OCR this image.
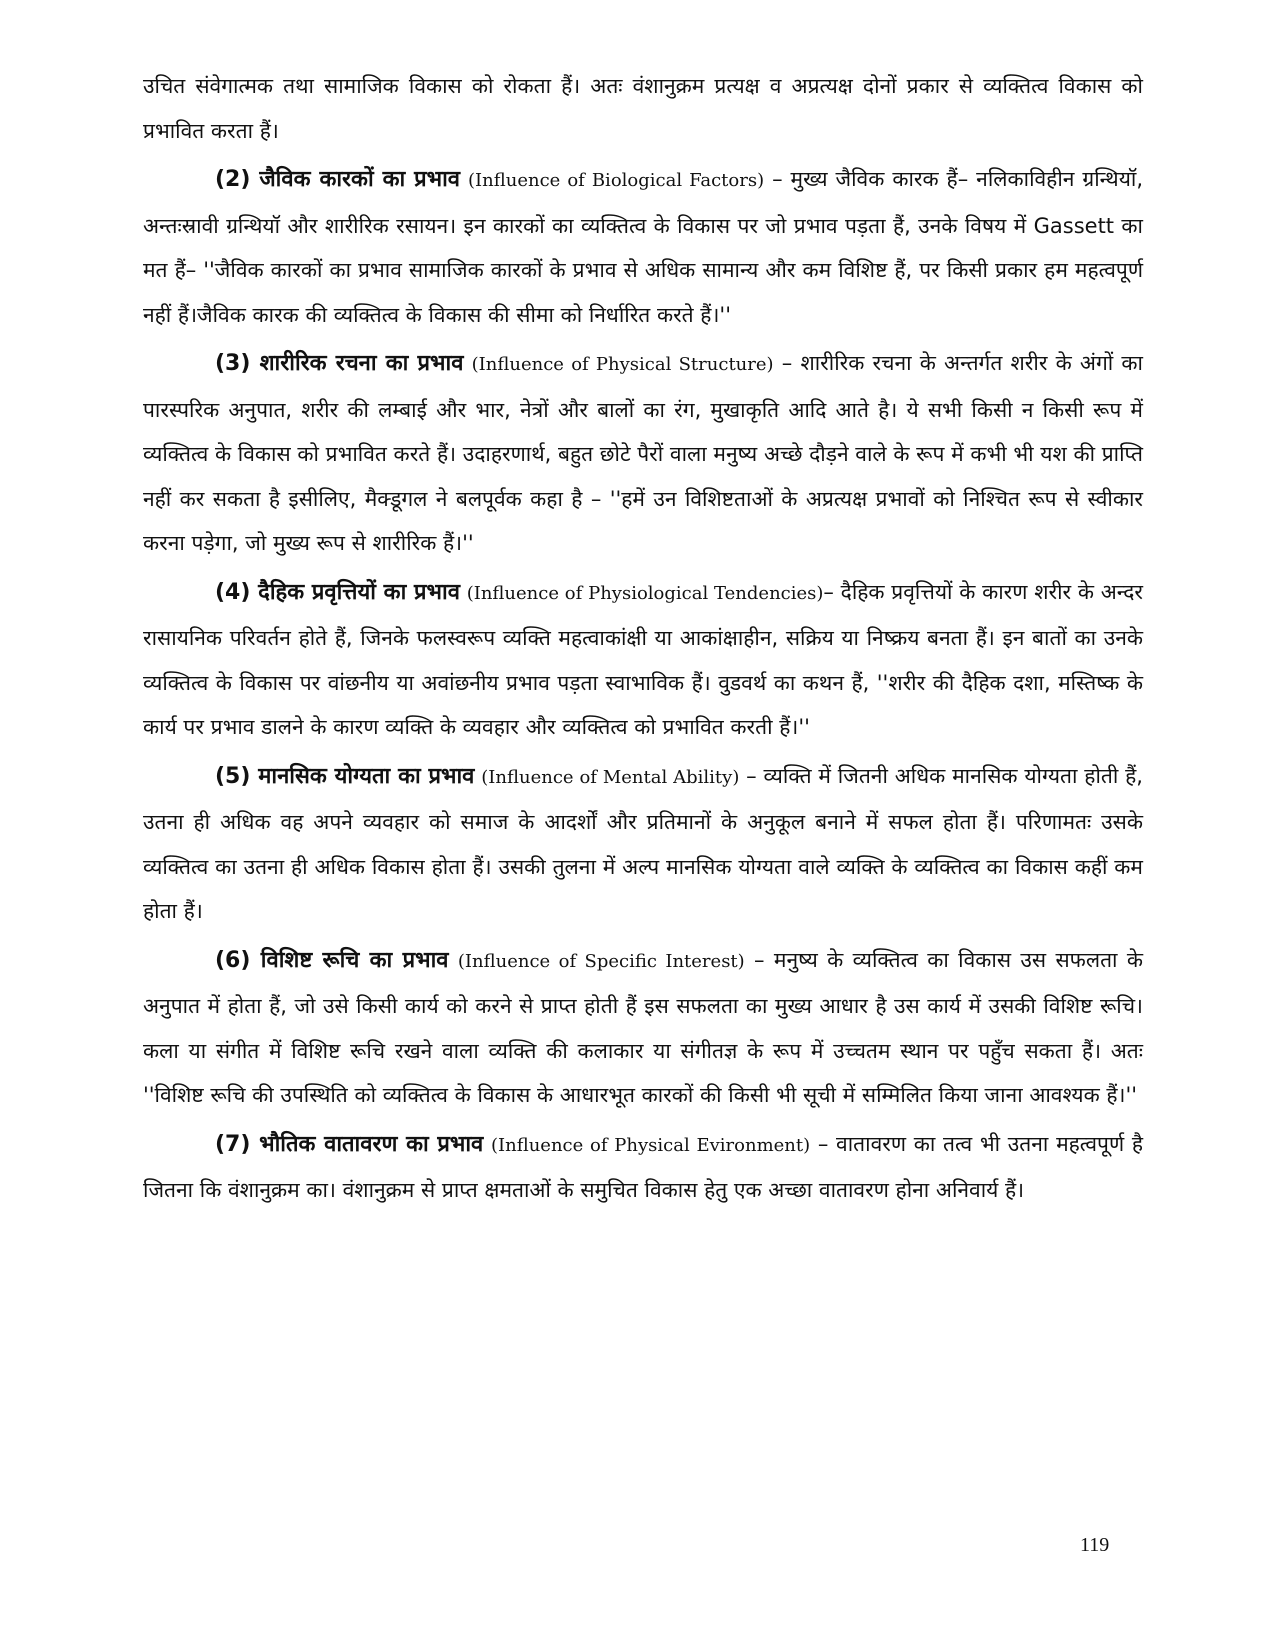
उचित संवेगात्मक तथा सामाजिक विकास को रोकता हैं। अतः वंशानुक्रम प्रत्यक्ष व अप्रत्यक्ष दोनों प्रकार से व्यक्तित्व विकास को प्रभावित करता हैं।

(2) जैविक कारकों का प्रभाव (Influence of Biological Factors) – मुख्य जैविक कारक हैं– नलिकाविहीन ग्रन्थियॉ, अन्तःस्रावी ग्रन्थियॉ और शारीरिक रसायन। इन कारकों का व्यक्तित्व के विकास पर जो प्रभाव पड़ता हैं, उनके विषय में Gassett का मत हैं– ''जैविक कारकों का प्रभाव सामाजिक कारकों के प्रभाव से अधिक सामान्य और कम विशिष्ट हैं, पर किसी प्रकार हम महत्वपूर्ण नहीं हैं।जैविक कारक की व्यक्तित्व के विकास की सीमा को निर्धारित करते हैं।''

(3) शारीरिक रचना का प्रभाव (Influence of Physical Structure) – शारीरिक रचना के अन्तर्गत शरीर के अंगों का पारस्परिक अनुपात, शरीर की लम्बाई और भार, नेत्रों और बालों का रंग, मुखाकृति आदि आते है। ये सभी किसी न किसी रूप में व्यक्तित्व के विकास को प्रभावित करते हैं। उदाहरणार्थ, बहुत छोटे पैरों वाला मनुष्य अच्छे दौड़ने वाले के रूप में कभी भी यश की प्राप्ति नहीं कर सकता है इसीलिए, मैक्डूगल ने बलपूर्वक कहा है – ''हमें उन विशिष्टताओं के अप्रत्यक्ष प्रभावों को निश्चित रूप से स्वीकार करना पड़ेगा, जो मुख्य रूप से शारीरिक हैं।''

(4) दैहिक प्रवृत्तियों का प्रभाव (Influence of Physiological Tendencies)– दैहिक प्रवृत्तियों के कारण शरीर के अन्दर रासायनिक परिवर्तन होते हैं, जिनके फलस्वरूप व्यक्ति महत्वाकांक्षी या आकांक्षाहीन, सक्रिय या निष्क्रय बनता हैं। इन बातों का उनके व्यक्तित्व के विकास पर वांछनीय या अवांछनीय प्रभाव पड़ता स्वाभाविक हैं। वुडवर्थ का कथन हैं, ''शरीर की दैहिक दशा, मस्तिष्क के कार्य पर प्रभाव डालने के कारण व्यक्ति के व्यवहार और व्यक्तित्व को प्रभावित करती हैं।''

(5) मानसिक योग्यता का प्रभाव (Influence of Mental Ability) – व्यक्ति में जितनी अधिक मानसिक योग्यता होती हैं, उतना ही अधिक वह अपने व्यवहार को समाज के आदर्शों और प्रतिमानों के अनुकूल बनाने में सफल होता हैं। परिणामतः उसके व्यक्तित्व का उतना ही अधिक विकास होता हैं। उसकी तुलना में अल्प मानसिक योग्यता वाले व्यक्ति के व्यक्तित्व का विकास कहीं कम होता हैं।

(6) विशिष्ट रूचि का प्रभाव (Influence of Specific Interest) – मनुष्य के व्यक्तित्व का विकास उस सफलता के अनुपात में होता हैं, जो उसे किसी कार्य को करने से प्राप्त होती हैं इस सफलता का मुख्य आधार है उस कार्य में उसकी विशिष्ट रूचि। कला या संगीत में विशिष्ट रूचि रखने वाला व्यक्ति की कलाकार या संगीतज्ञ के रूप में उच्चतम स्थान पर पहुँच सकता हैं। अतः ''विशिष्ट रूचि की उपस्थिति को व्यक्तित्व के विकास के आधारभूत कारकों की किसी भी सूची में सम्मिलित किया जाना आवश्यक हैं।''

(7) भौतिक वातावरण का प्रभाव (Influence of Physical Evironment) – वातावरण का तत्व भी उतना महत्वपूर्ण है जितना कि वंशानुक्रम का। वंशानुक्रम से प्राप्त क्षमताओं के समुचित विकास हेतु एक अच्छा वातावरण होना अनिवार्य हैं।

119
